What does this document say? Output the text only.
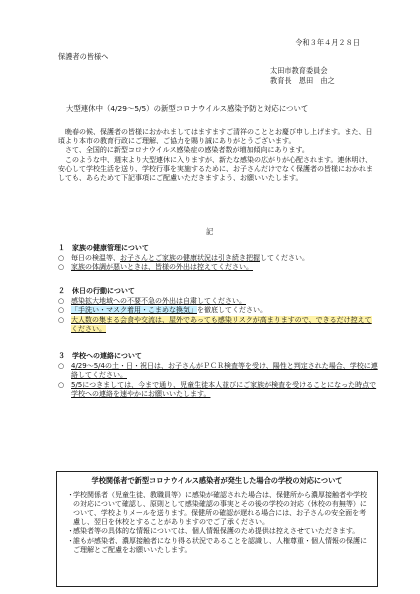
令和３年４月２８日
保護者の皆様へ
太田市教育委員会
教育長　恩田　由之
大型連休中（4/29～5/5）の新型コロナウイルス感染予防と対応について

晩春の候、保護者の皆様におかれましてはますますご清祥のこととお慶び申し上げます。また、日頃より本市の教育行政にご理解、ご協力を賜り誠にありがとうございます。

さて、全国的に新型コロナウイルス感染症の感染者数が増加傾向にあります。

このような中、週末より大型連休に入りますが、新たな感染の広がりが心配されます。連休明け、安心して学校生活を送り、学校行事を実施するために、お子さんだけでなく保護者の皆様におかれましても、あらためて下記事項にご配慮いただきますよう、お願いいたします。

記
１ 家族の健康管理について
○ 毎日の検温等、お子さんとご家族の健康状況は引き続き把握してください。
○ 家族の体調が悪いときは、皆様の外出は控えてください。
２ 休日の行動について
○ 感染拡大地域への不要不急の外出は自粛してください。
○ 「手洗い・マスク着用・こまめな換気」を徹底してください。
○ 大人数の集まる会食や交流は、屋外であっても感染リスクが高まりますので、できるだけ控えてください。
３ 学校への連絡について
○ 4/29～5/4の土・日・祝日は、お子さんがＰＣＲ検査等を受け、陽性と判定された場合、学校に連絡してください。
○ 5/5につきましては、今まで通り、児童生徒本人並びにご家族が検査を受けることになった時点で学校への連絡を速やかにお願いいたします。
学校関係者で新型コロナウイルス感染者が発生した場合の学校の対応について
・ 学校関係者（児童生徒、教職員等）に感染が確認された場合は、保健所から濃厚接触者や学校の対応について確認し、原則として感染確認の事実とその後の学校の対応（休校の有無等）について、学校よりメールを送ります。保健所の確認が遅れる場合には、お子さんの安全面を考慮し、翌日を休校とすることがありますのでご了承ください。
・ 感染者等の具体的な情報については、個人情報保護のため提供は控えさせていただきます。
・ 誰もが感染者、濃厚接触者になり得る状況であることを認識し、人権尊重・個人情報の保護にご理解とご配慮をお願いいたします。
